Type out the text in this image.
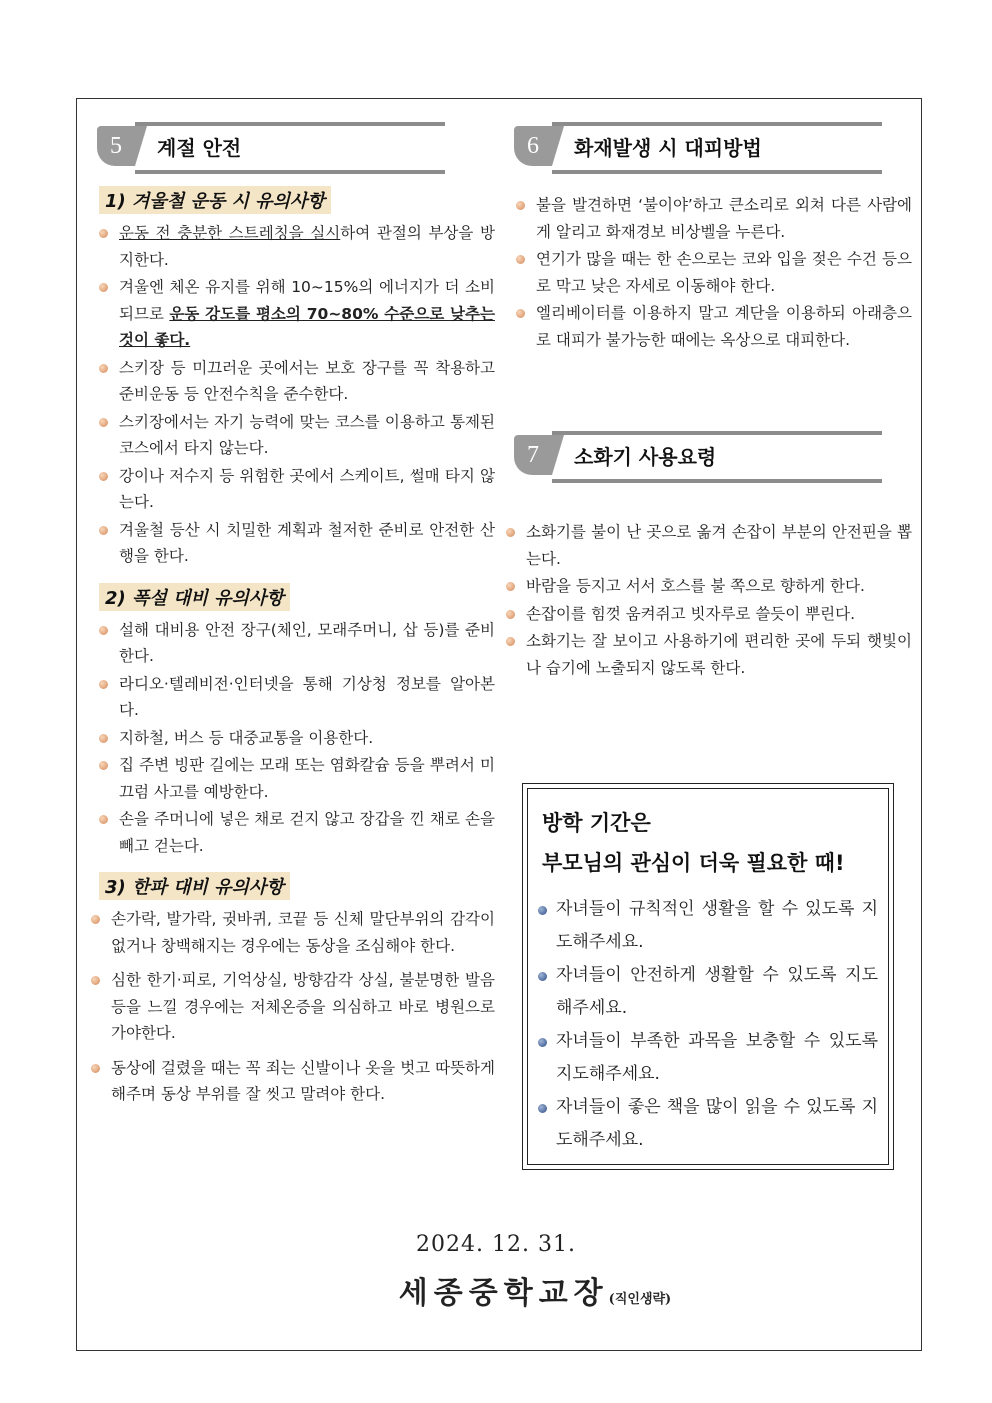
5	계절 안전
1) 겨울철 운동 시 유의사항
운동 전 충분한 스트레칭을 실시하여 관절의 부상을 방지한다.
겨울엔 체온 유지를 위해 10~15%의 에너지가 더 소비되므로 운동 강도를 평소의 70~80% 수준으로 낮추는 것이 좋다.
스키장 등 미끄러운 곳에서는 보호 장구를 꼭 착용하고 준비운동 등 안전수칙을 준수한다.
스키장에서는 자기 능력에 맞는 코스를 이용하고 통제된 코스에서 타지 않는다.
강이나 저수지 등 위험한 곳에서 스케이트, 썰매 타지 않는다.
겨울철 등산 시 치밀한 계획과 철저한 준비로 안전한 산행을 한다.
2) 폭설 대비 유의사항
설해 대비용 안전 장구(체인, 모래주머니, 삽 등)를 준비한다.
라디오·텔레비전·인터넷을 통해 기상청 정보를 알아본다.
지하철, 버스 등 대중교통을 이용한다.
집 주변 빙판 길에는 모래 또는 염화칼슘 등을 뿌려서 미끄럼 사고를 예방한다.
손을 주머니에 넣은 채로 걷지 않고 장갑을 낀 채로 손을 빼고 걷는다.
3) 한파 대비 유의사항
손가락, 발가락, 귓바퀴, 코끝 등 신체 말단부위의 감각이 없거나 창백해지는 경우에는 동상을 조심해야 한다.
심한 한기·피로, 기억상실, 방향감각 상실, 불분명한 발음 등을 느낄 경우에는 저체온증을 의심하고 바로 병원으로 가야한다.
동상에 걸렸을 때는 꼭 죄는 신발이나 옷을 벗고 따뜻하게 해주며 동상 부위를 잘 씻고 말려야 한다.
6	화재발생 시 대피방법
불을 발견하면 ‘불이야’하고 큰소리로 외쳐 다른 사람에게 알리고 화재경보 비상벨을 누른다.
연기가 많을 때는 한 손으로는 코와 입을 젖은 수건 등으로 막고 낮은 자세로 이동해야 한다.
엘리베이터를 이용하지 말고 계단을 이용하되 아래층으로 대피가 불가능한 때에는 옥상으로 대피한다.
7	소화기 사용요령
소화기를 불이 난 곳으로 옮겨 손잡이 부분의 안전핀을 뽑는다.
바람을 등지고 서서 호스를 불 쪽으로 향하게 한다.
손잡이를 힘껏 움켜쥐고 빗자루로 쓸듯이 뿌린다.
소화기는 잘 보이고 사용하기에 편리한 곳에 두되 햇빛이나 습기에 노출되지 않도록 한다.
방학 기간은
부모님의 관심이 더욱 필요한 때!
자녀들이 규칙적인 생활을 할 수 있도록 지도해주세요.
자녀들이 안전하게 생활할 수 있도록 지도해주세요.
자녀들이 부족한 과목을 보충할 수 있도록 지도해주세요.
자녀들이 좋은 책을 많이 읽을 수 있도록 지도해주세요.
2024. 12. 31.
세종중학교장(직인생략)
